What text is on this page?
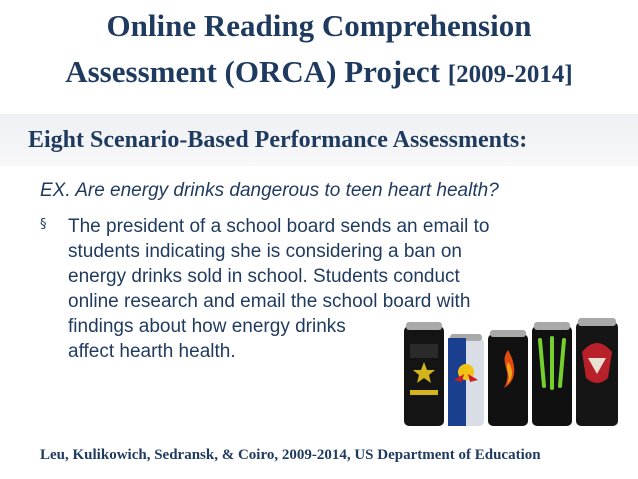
Online Reading Comprehension
Assessment (ORCA) Project [2009-2014]
Eight Scenario-Based Performance Assessments:
EX. Are energy drinks dangerous to teen heart health?
§ The president of a school board sends an email to
students indicating she is considering a ban on
energy drinks sold in school. Students conduct
online research and email the school board with
findings about how energy drinks
affect hearth health.
Leu, Kulikowich, Sedransk, & Coiro, 2009-2014, US Department of Education
